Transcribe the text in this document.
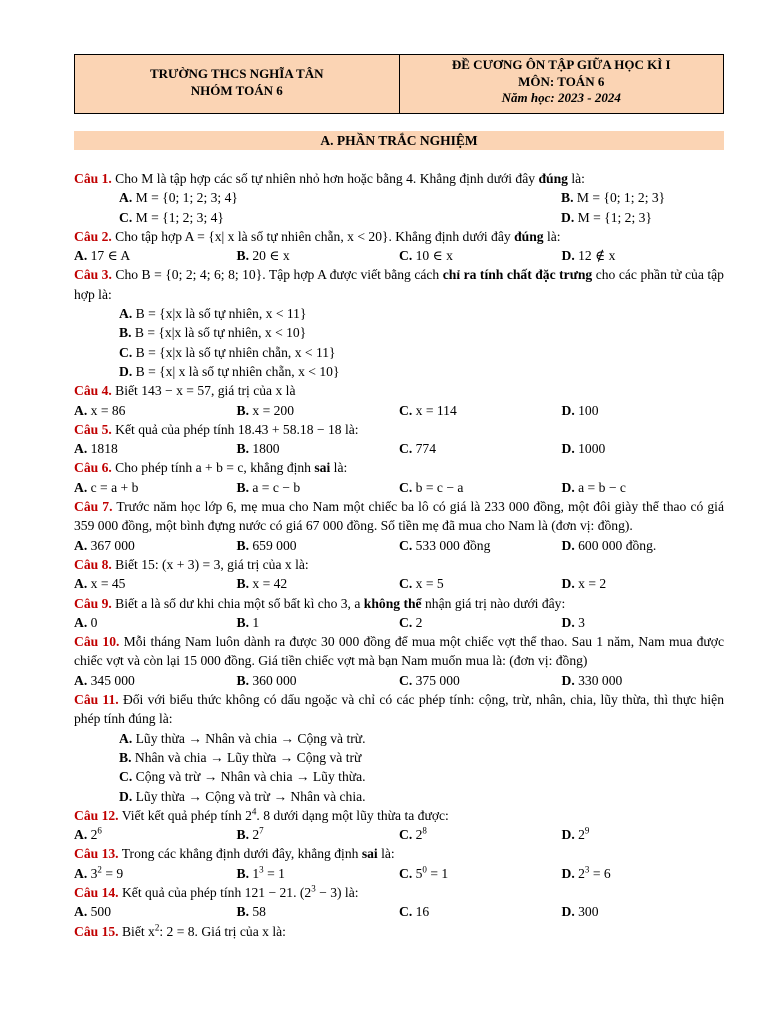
TRƯỜNG THCS NGHĨA TÂN
NHÓM TOÁN 6
ĐỀ CƯƠNG ÔN TẬP GIỮA HỌC KÌ I
MÔN: TOÁN 6
Năm học: 2023 - 2024
A. PHẦN TRẮC NGHIỆM

Câu 1. Cho M là tập hợp các số tự nhiên nhỏ hơn hoặc bằng 4. Khẳng định dưới đây đúng là:

A. M = {0; 1; 2; 3; 4}	B. M = {0; 1; 2; 3}
C. M = {1; 2; 3; 4}	D. M = {1; 2; 3}

Câu 2. Cho tập hợp A = {x| x là số tự nhiên chẵn, x < 20}. Khẳng định dưới đây đúng là:

A. 17 ∈ A	B. 20 ∈ x	C. 10 ∈ x	D. 12 ∉ x

Câu 3. Cho B = {0; 2; 4; 6; 8; 10}. Tập hợp A được viết bằng cách chỉ ra tính chất đặc trưng cho các phần tử của tập hợp là:

A. B = {x|x là số tự nhiên, x < 11}
B. B = {x|x là số tự nhiên, x < 10}
C. B = {x|x là số tự nhiên chẵn, x < 11}
D. B = {x| x là số tự nhiên chẵn, x < 10}

Câu 4. Biết 143 − x = 57, giá trị của x là

A. x = 86	B. x = 200	C. x = 114	D. 100

Câu 5. Kết quả của phép tính 18.43 + 58.18 − 18 là:

A. 1818	B. 1800	C. 774	D. 1000

Câu 6. Cho phép tính a + b = c, khẳng định sai là:

A. c = a + b	B. a = c − b	C. b = c − a	D. a = b − c

Câu 7. Trước năm học lớp 6, mẹ mua cho Nam một chiếc ba lô có giá là 233 000 đồng, một đôi giày thể thao có giá 359 000 đồng, một bình đựng nước có giá 67 000 đồng. Số tiền mẹ đã mua cho Nam là (đơn vị: đồng).

A. 367 000	B. 659 000	C. 533 000 đồng	D. 600 000 đồng.

Câu 8. Biết 15: (x + 3) = 3, giá trị của x là:

A. x = 45	B. x = 42	C. x = 5	D. x = 2

Câu 9. Biết a là số dư khi chia một số bất kì cho 3, a không thể nhận giá trị nào dưới đây:

A. 0	B. 1	C. 2	D. 3

Câu 10. Mỗi tháng Nam luôn dành ra được 30 000 đồng để mua một chiếc vợt thể thao. Sau 1 năm, Nam mua được chiếc vợt và còn lại 15 000 đồng. Giá tiền chiếc vợt mà bạn Nam muốn mua là: (đơn vị: đồng)

A. 345 000	B. 360 000	C. 375 000	D. 330 000

Câu 11. Đối với biểu thức không có dấu ngoặc và chỉ có các phép tính: cộng, trừ, nhân, chia, lũy thừa, thì thực hiện phép tính đúng là:

A. Lũy thừa → Nhân và chia → Cộng và trừ.
B. Nhân và chia → Lũy thừa → Cộng và trừ
C. Cộng và trừ → Nhân và chia → Lũy thừa.
D. Lũy thừa → Cộng và trừ → Nhân và chia.

Câu 12. Viết kết quả phép tính $2^4$. 8 dưới dạng một lũy thừa ta được:

A. $2^6$	B. $2^7$	C. $2^8$	D. $2^9$

Câu 13. Trong các khẳng định dưới đây, khẳng định sai là:

A. $3^2 = 9$	B. $1^3 = 1$	C. $5^0 = 1$	D. $2^3 = 6$

Câu 14. Kết quả của phép tính 121 − 21. $(2^3 - 3)$ là:

A. 500	B. 58	C. 16	D. 300

Câu 15. Biết $x^2$: 2 = 8. Giá trị của x là:
